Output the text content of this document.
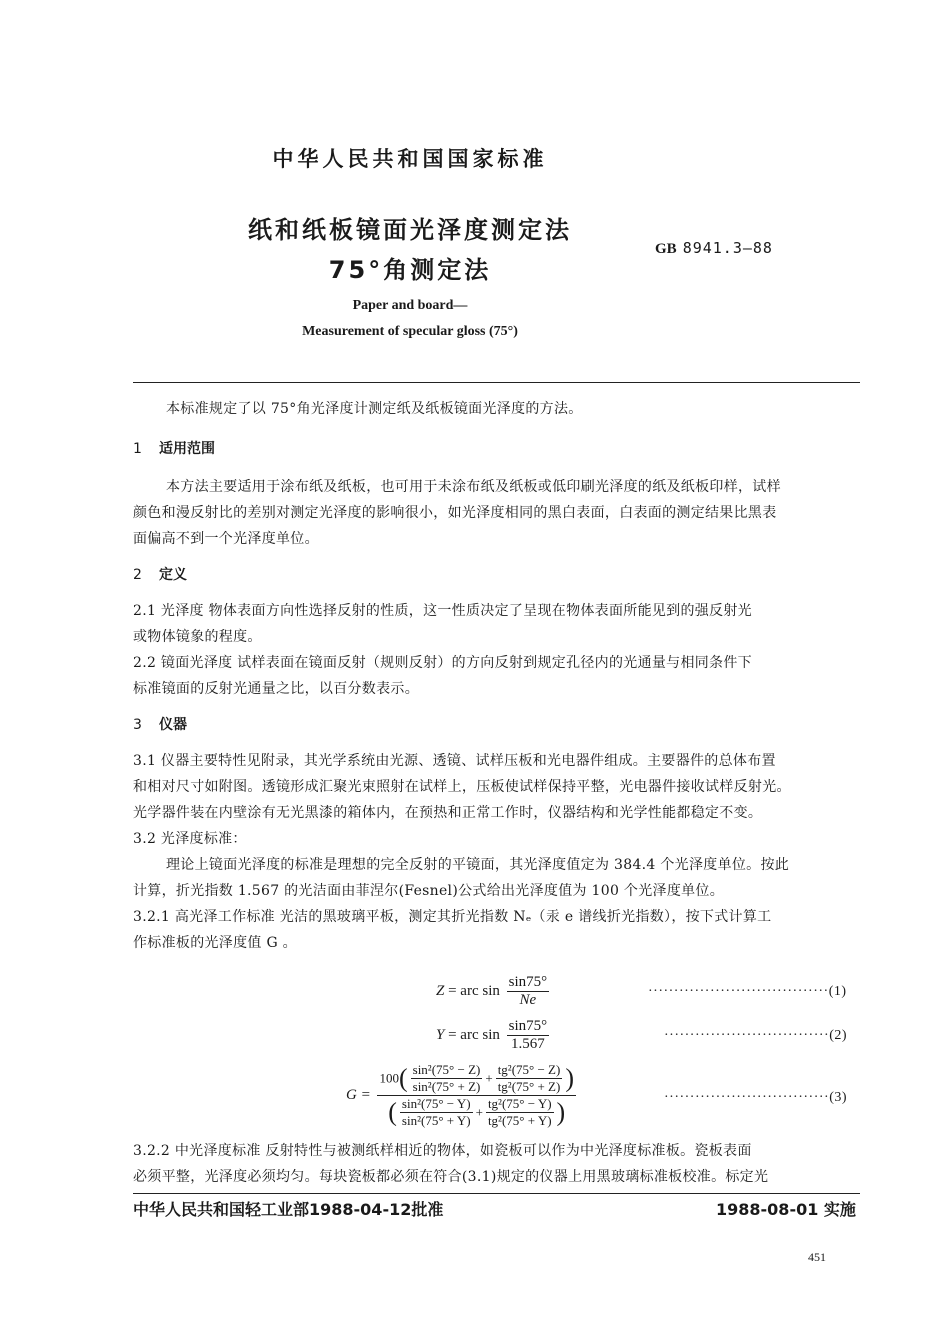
中华人民共和国国家标准
纸和纸板镜面光泽度测定法
75°角测定法
GB 8941.3—88
Paper and board—
Measurement of specular gloss (75°)
本标准规定了以 75°角光泽度计测定纸及纸板镜面光泽度的方法。
1 适用范围
本方法主要适用于涂布纸及纸板，也可用于未涂布纸及纸板或低印刷光泽度的纸及纸板印样，试样
颜色和漫反射比的差别对测定光泽度的影响很小，如光泽度相同的黑白表面，白表面的测定结果比黑表
面偏高不到一个光泽度单位。
2 定义
2.1 光泽度 物体表面方向性选择反射的性质，这一性质决定了呈现在物体表面所能见到的强反射光
或物体镜象的程度。
2.2 镜面光泽度 试样表面在镜面反射（规则反射）的方向反射到规定孔径内的光通量与相同条件下
标准镜面的反射光通量之比，以百分数表示。
3 仪器
3.1 仪器主要特性见附录，其光学系统由光源、透镜、试样压板和光电器件组成。主要器件的总体布置
和相对尺寸如附图。透镜形成汇聚光束照射在试样上，压板使试样保持平整，光电器件接收试样反射光。
光学器件装在内壁涂有无光黑漆的箱体内，在预热和正常工作时，仪器结构和光学性能都稳定不变。
3.2 光泽度标准：
理论上镜面光泽度的标准是理想的完全反射的平镜面，其光泽度值定为 384.4 个光泽度单位。按此
计算，折光指数 1.567 的光洁面由菲涅尔(Fesnel)公式给出光泽度值为 100 个光泽度单位。
3.2.1 高光泽工作标准 光洁的黑玻璃平板，测定其折光指数 Nₑ（汞 e 谱线折光指数），按下式计算工
作标准板的光泽度值 G 。
Z = arc $\sin \frac{\sin 75^\circ}{Ne}$	···································(1)
Y = arc $\sin \frac{\sin 75^\circ}{1.567}$	································(2)
$G = \frac{100( \frac{\text{sin²(75° − Z)}}{\text{sin²(75° + Z)}} + \frac{\text{tg²(75° − Z)}}{\text{tg²(75° + Z)}} )}{( \frac{\text{sin²(75° − Y)}}{\text{sin²(75° + Y)}} + \frac{\text{tg²(75° − Y)}}{\text{tg²(75° + Y)}} )}$	································(3)
3.2.2 中光泽度标准 反射特性与被测纸样相近的物体，如瓷板可以作为中光泽度标准板。瓷板表面
必须平整，光泽度必须均匀。每块瓷板都必须在符合(3.1)规定的仪器上用黑玻璃标准板校准。标定光
中华人民共和国轻工业部1988-04-12批准	1988-08-01 实施
451
